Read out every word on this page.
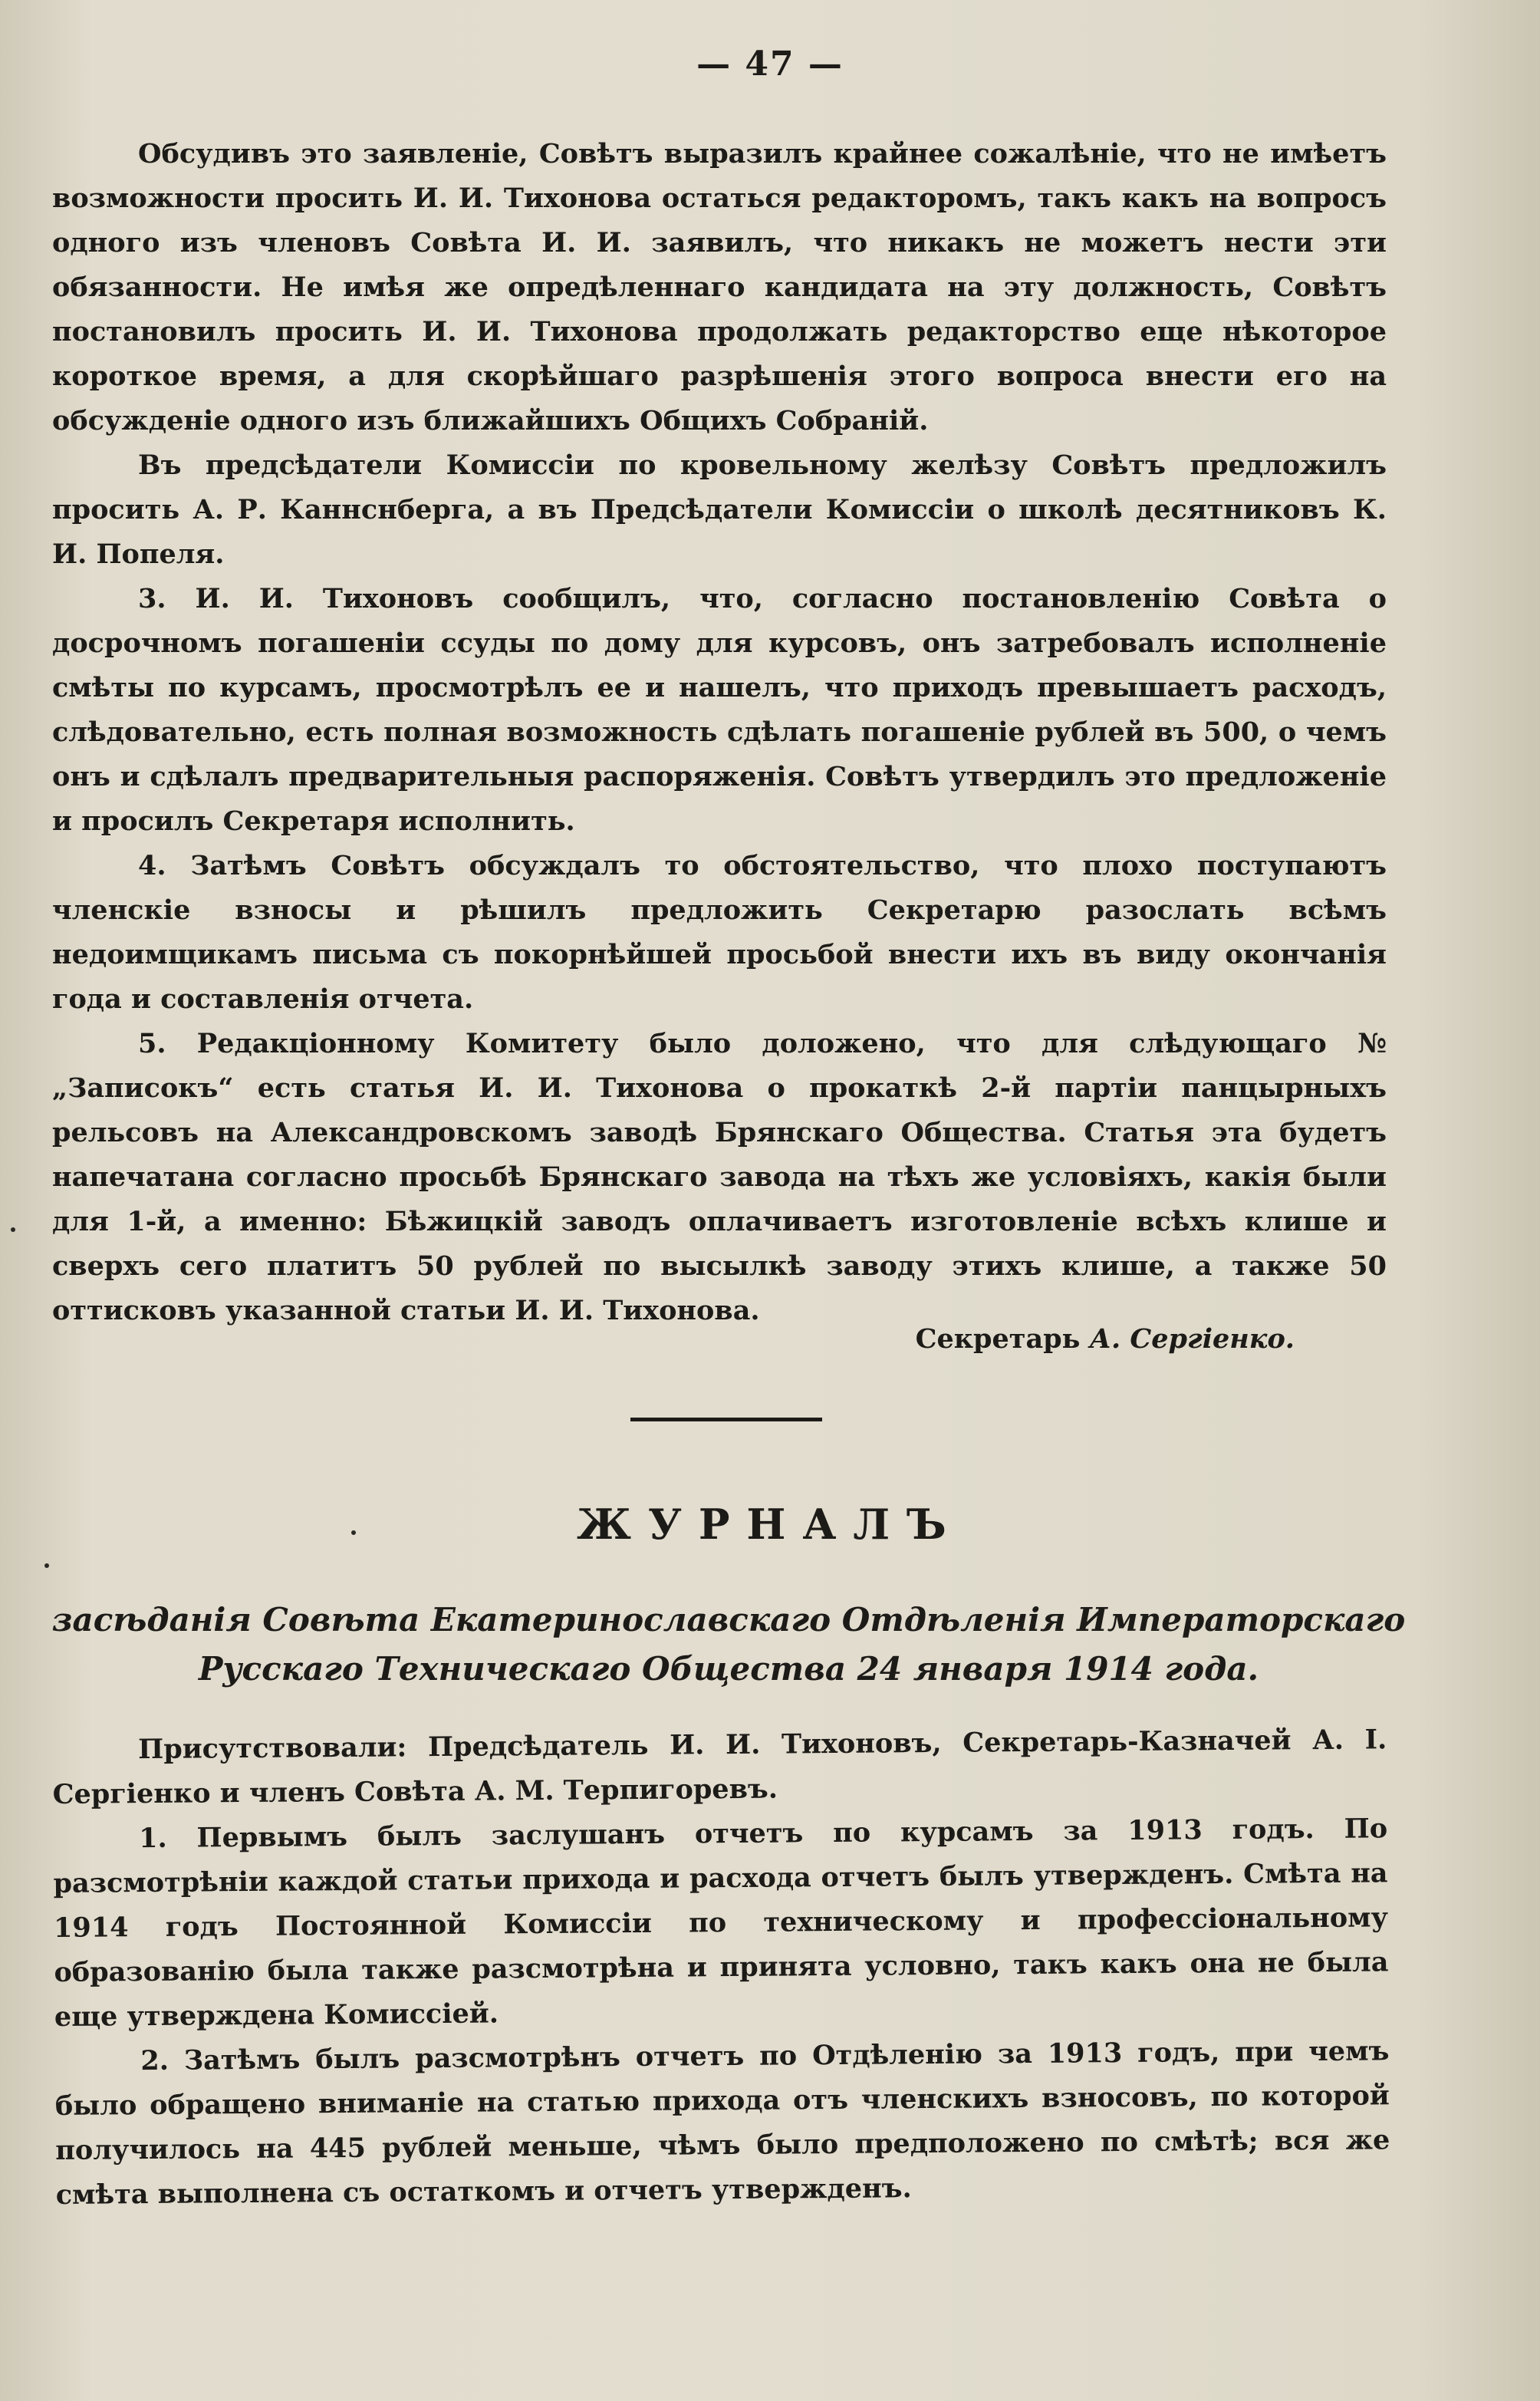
— 47 —

Обсудивъ это заявленіе, Совѣтъ выразилъ крайнее сожалѣніе, что не имѣетъ возможности просить И. И. Тихонова остаться редакторомъ, такъ какъ на вопросъ одного изъ членовъ Совѣта И. И. заявилъ, что никакъ не можетъ нести эти обязанности. Не имѣя же опредѣленнаго кандидата на эту должность, Совѣтъ постановилъ просить И. И. Тихонова продолжать редакторство еще нѣкоторое короткое время, а для скорѣйшаго разрѣшенія этого вопроса внести его на обсужденіе одного изъ ближайшихъ Общихъ Собраній.

Въ предсѣдатели Комиссіи по кровельному желѣзу Совѣтъ предложилъ просить А. Р. Каннснберга, а въ Предсѣдатели Комиссіи о школѣ десятниковъ К. И. Попеля.

3. И. И. Тихоновъ сообщилъ, что, согласно постановленію Совѣта о досрочномъ погашеніи ссуды по дому для курсовъ, онъ затребовалъ исполненіе смѣты по курсамъ, просмотрѣлъ ее и нашелъ, что приходъ превышаетъ расходъ, слѣдовательно, есть полная возможность сдѣлать погашеніе рублей въ 500, о чемъ онъ и сдѣлалъ предварительныя распоряженія. Совѣтъ утвердилъ это предложеніе и просилъ Секретаря исполнить.

4. Затѣмъ Совѣтъ обсуждалъ то обстоятельство, что плохо поступаютъ членскіе взносы и рѣшилъ предложить Секретарю разослать всѣмъ недоимщикамъ письма съ покорнѣйшей просьбой внести ихъ въ виду окончанія года и составленія отчета.

5. Редакціонному Комитету было доложено, что для слѣдующаго № „Записокъ“ есть статья И. И. Тихонова о прокаткѣ 2-й партіи панцырныхъ рельсовъ на Александровскомъ заводѣ Брянскаго Общества. Статья эта будетъ напечатана согласно просьбѣ Брянскаго завода на тѣхъ же условіяхъ, какія были для 1-й, а именно: Бѣжицкій заводъ оплачиваетъ изготовленіе всѣхъ клише и сверхъ сего платитъ 50 рублей по высылкѣ заводу этихъ клише, а также 50 оттисковъ указанной статьи И. И. Тихонова.

Секретарь А. Сергіенко.
ЖУРНАЛЪ
засѣданія Совѣта Екатеринославскаго Отдѣленія Императорскаго
Русскаго Техническаго Общества 24 января 1914 года.

Присутствовали: Предсѣдатель И. И. Тихоновъ, Секретарь-Казначей А. І. Сергіенко и членъ Совѣта А. М. Терпигоревъ.

1. Первымъ былъ заслушанъ отчетъ по курсамъ за 1913 годъ. По разсмотрѣніи каждой статьи прихода и расхода отчетъ былъ утвержденъ. Смѣта на 1914 годъ Постоянной Комиссіи по техническому и профессіональному образованію была также разсмотрѣна и принята условно, такъ какъ она не была еще утверждена Комиссіей.

2. Затѣмъ былъ разсмотрѣнъ отчетъ по Отдѣленію за 1913 годъ, при чемъ было обращено вниманіе на статью прихода отъ членскихъ взносовъ, по которой получилось на 445 рублей меньше, чѣмъ было предположено по смѣтѣ; вся же смѣта выполнена съ остаткомъ и отчетъ утвержденъ.
